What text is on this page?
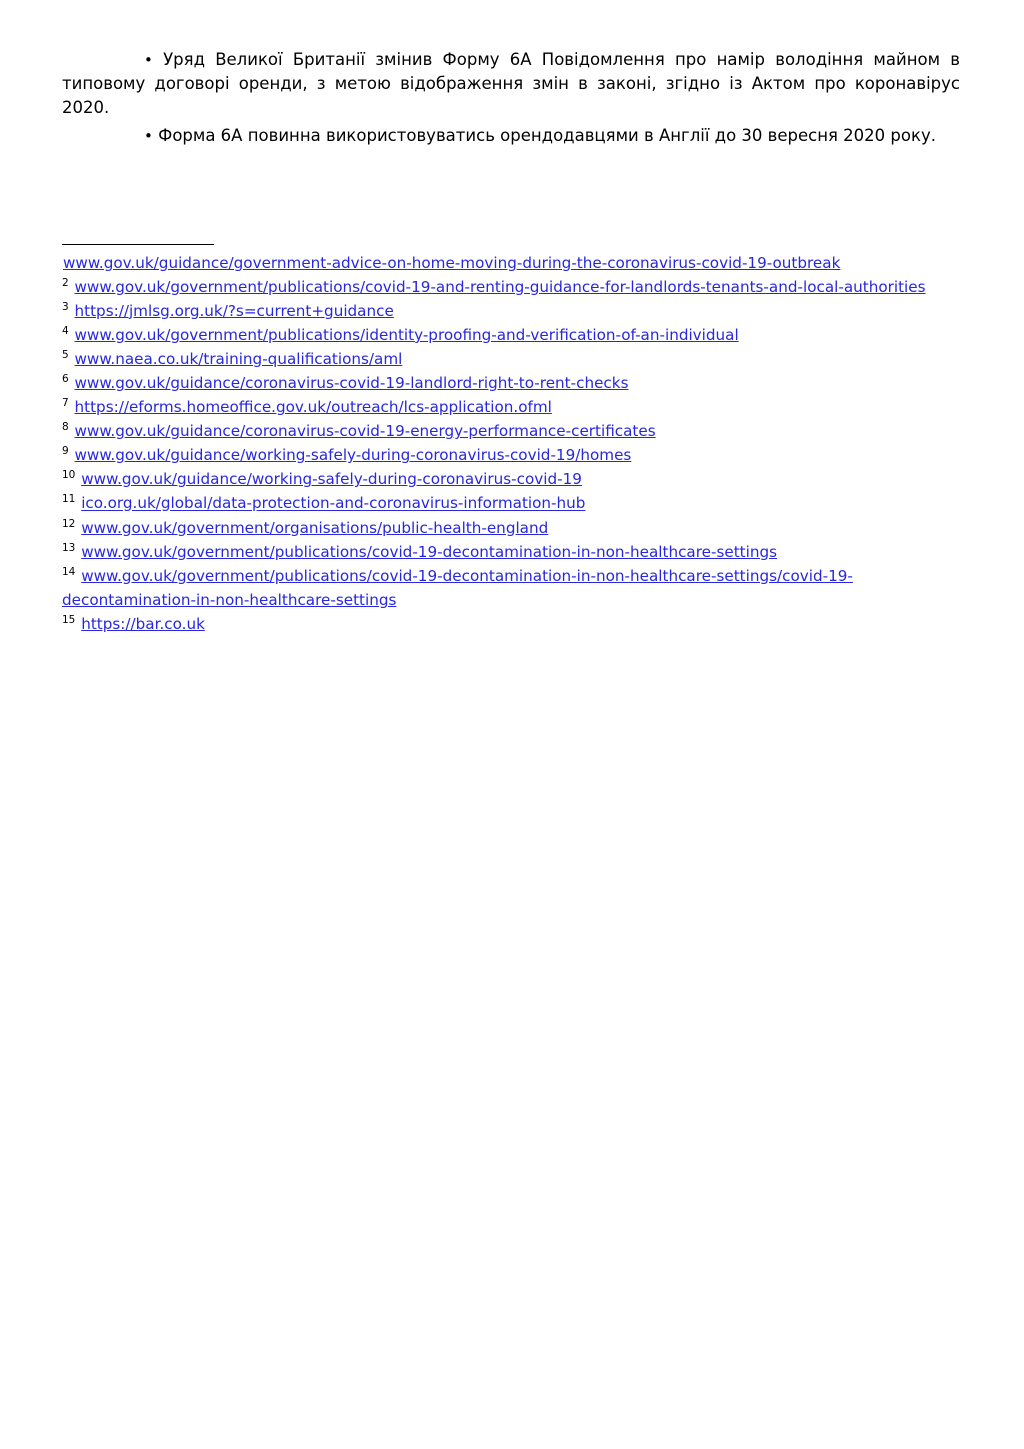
• Уряд Великої Британії змінив Форму 6A Повідомлення про намір володіння майном в типовому договорі оренди, з метою відображення змін в законі, згідно із Актом про коронавірус 2020.

• Форма 6A повинна використовуватись орендодавцями в Англії до 30 вересня 2020 року.

www.gov.uk/guidance/government-advice-on-home-moving-during-the-coronavirus-covid-19-outbreak

$^2$ www.gov.uk/government/publications/covid-19-and-renting-guidance-for-landlords-tenants-and-local-authorities

$^3$ https://jmlsg.org.uk/?s=current+guidance

$^4$ www.gov.uk/government/publications/identity-proofing-and-verification-of-an-individual

$^5$ www.naea.co.uk/training-qualifications/aml

$^6$ www.gov.uk/guidance/coronavirus-covid-19-landlord-right-to-rent-checks

$^7$ https://eforms.homeoffice.gov.uk/outreach/lcs-application.ofml

$^8$ www.gov.uk/guidance/coronavirus-covid-19-energy-performance-certificates

$^9$ www.gov.uk/guidance/working-safely-during-coronavirus-covid-19/homes

$^{10}$ www.gov.uk/guidance/working-safely-during-coronavirus-covid-19

$^{11}$ ico.org.uk/global/data-protection-and-coronavirus-information-hub

$^{12}$ www.gov.uk/government/organisations/public-health-england

$^{13}$ www.gov.uk/government/publications/covid-19-decontamination-in-non-healthcare-settings

$^{14}$ www.gov.uk/government/publications/covid-19-decontamination-in-non-healthcare-settings/covid-19-decontamination-in-non-healthcare-settings

$^{15}$ https://bar.co.uk
